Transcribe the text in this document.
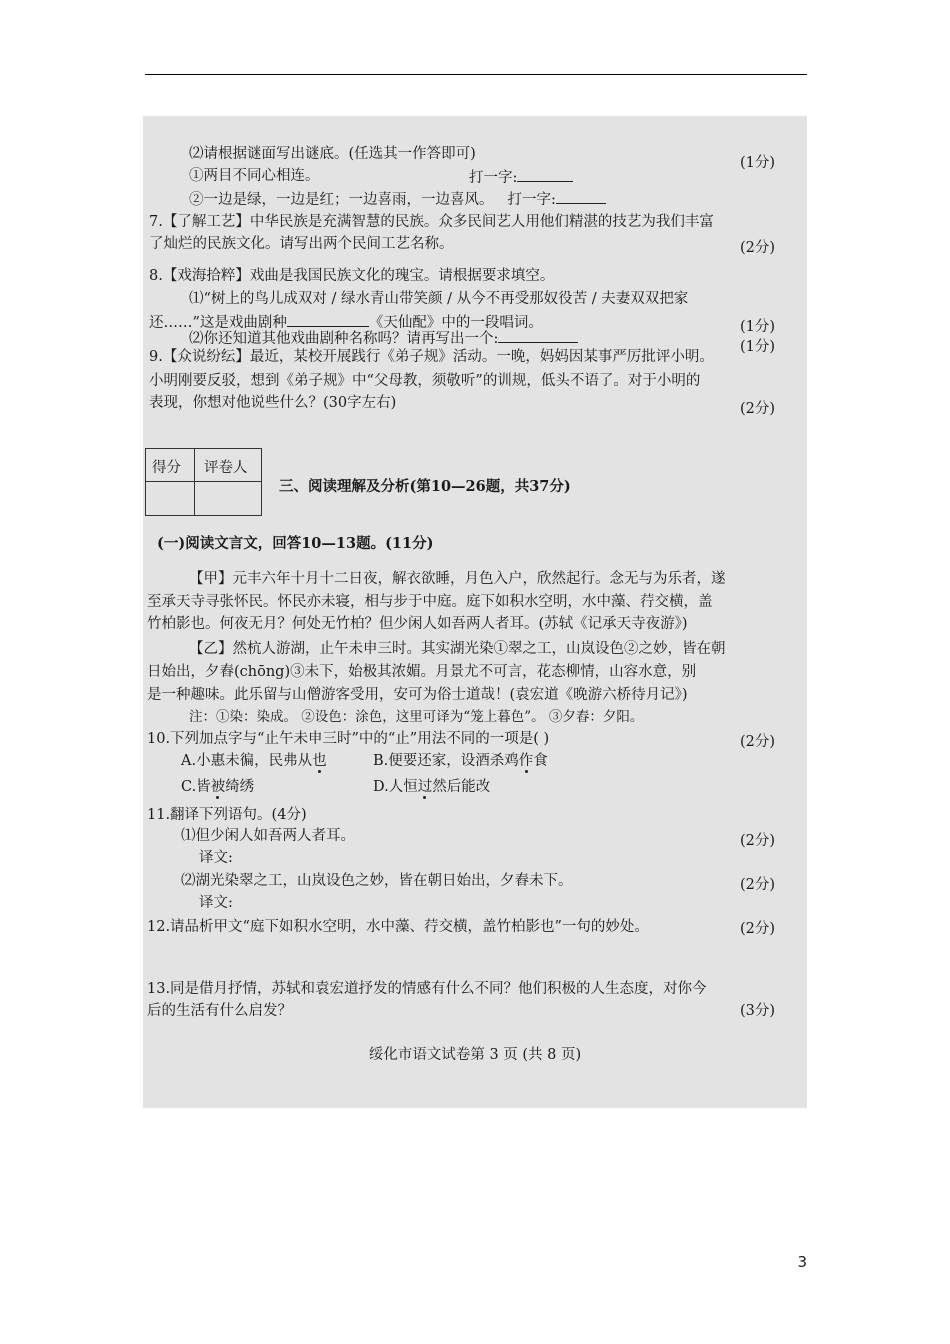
⑵请根据谜面写出谜底。(任选其一作答即可)
(1分)
①两目不同心相连。
②一边是绿，一边是红；一边喜雨，一边喜风。 打一字:
打一字:
7.【了解工艺】中华民族是充满智慧的民族。众多民间艺人用他们精湛的技艺为我们丰富
了灿烂的民族文化。请写出两个民间工艺名称。	(2分)
8.【戏海拾粹】戏曲是我国民族文化的瑰宝。请根据要求填空。
⑴“树上的鸟儿成双对 / 绿水青山带笑颜 / 从今不再受那奴役苦 / 夫妻双双把家
还……”这是戏曲剧种	《天仙配》中的一段唱词。	(1分)
⑵你还知道其他戏曲剧种名称吗？请再写出一个:	(1分)
9.【众说纷纭】最近，某校开展践行《弟子规》活动。一晚，妈妈因某事严厉批评小明。
小明刚要反驳，想到《弟子规》中“父母教，须敬听”的训规，低头不语了。对于小明的
表现，你想对他说些什么？(30字左右)	(2分)
得分 评卷人
三、阅读理解及分析(第10—26题，共37分)
(一)阅读文言文，回答10—13题。(11分)
【甲】元丰六年十月十二日夜，解衣欲睡，月色入户，欣然起行。念无与为乐者，遂
至承天寺寻张怀民。怀民亦未寝，相与步于中庭。庭下如积水空明，水中藻、荇交横，盖
竹柏影也。何夜无月？何处无竹柏？但少闲人如吾两人者耳。(苏轼《记承天寺夜游》)
【乙】然杭人游湖，止午未申三时。其实湖光染①翠之工，山岚设色②之妙，皆在朝
日始出，夕舂(chōng)③未下，始极其浓媚。月景尤不可言，花态柳情，山容水意，别
是一种趣味。此乐留与山僧游客受用，安可为俗士道哉！(袁宏道《晚游六桥待月记》)
注：①染：染成。 ②设色：涂色，这里可译为“笼上暮色”。 ③夕舂：夕阳。
10.下列加点字与“止午未申三时”中的“止”用法不同的一项是( )	(2分)
A.小惠未徧，民弗从也	B.便要还家，设酒杀鸡作食
C.皆被绮绣	D.人恒过然后能改
11.翻译下列语句。(4分)
⑴但少闲人如吾两人者耳。	(2分)
译文:
⑵湖光染翠之工，山岚设色之妙，皆在朝日始出，夕舂未下。	(2分)
译文:
12.请品析甲文“庭下如积水空明，水中藻、荇交横，盖竹柏影也”一句的妙处。	(2分)
13.同是借月抒情，苏轼和袁宏道抒发的情感有什么不同？他们积极的人生态度，对你今
后的生活有什么启发？	(3分)
绥化市语文试卷第 3 页 (共 8 页)
3
